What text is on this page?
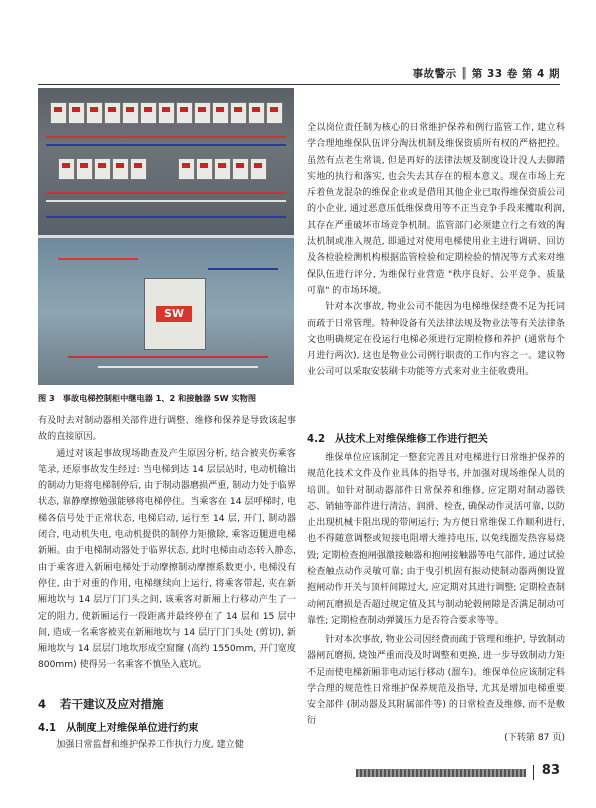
事故警示 ║ 第 33 卷 第 4 期
SW
图 3 事故电梯控制柜中继电器 1、2 和接触器 SW 实物图

有及时去对制动器相关部件进行调整、维修和保养是导致该起事故的直接原因。

通过对该起事故现场勘查及产生原因分析, 结合被夹伤乘客笔录, 还原事故发生经过: 当电梯到达 14 层层站时, 电动机输出的制动力矩将电梯制停后, 由于制动器磨损严重, 制动力处于临界状态, 靠静摩擦勉强能够将电梯停住。当乘客在 14 层呼梯时, 电梯各信号处于正常状态, 电梯启动, 运行至 14 层, 开门, 制动器闭合, 电动机失电, 电动机提供的制停力矩撤除, 乘客迈腿进电梯新厢。由于电梯制动器处于临界状态, 此时电梯由动态转入静态, 由于乘客进入新厢电梯处于动摩擦制动摩擦系数更小, 电梯没有停住, 由于对重的作用, 电梯继续向上运行, 将乘客带起, 夹在新厢地坎与 14 层厅门门头之间, 该乘客对新厢上行移动产生了一定的阻力, 使新厢运行一段距离并最终停在了 14 层和 15 层中间, 造成一名乘客被夹在新厢地坎与 14 层厅门门头处 (剪切), 新厢地坎与 14 层层门地坎形成空窟窿 (高约 1550mm, 开门宽度 800mm) 使得另一名乘客不慎坠入底坑。

4 若干建议及应对措施
4.1 从制度上对维保单位进行约束

加强日常监督和维护保养工作执行力度, 建立健

全以岗位责任制为核心的日常维护保养和例行监管工作, 建立科学合理地维保队伍评分淘汰机制及维保资质所有权的严格把控。虽然有点老生常谈, 但是再好的法律法规及制度设计没人去脚踏实地的执行和落实, 也会失去其存在的根本意义。现在市场上充斥着鱼龙混杂的维保企业或是借用其他企业已取得维保资质公司的小企业, 通过恶意压低维保费用等不正当竞争手段来攫取利润, 其存在严重破坏市场竞争机制。监管部门必须建立行之有效的淘汰机制或准入规范, 即通过对使用电梯使用业主进行调研、回访及各检验检测机构根据监管检验和定期检验的情况等方式来对维保队伍进行评分, 为维保行业营造 "秩序良好、公平竞争、质量可靠" 的市场环境。

针对本次事故, 物业公司不能因为电梯维保经费不足为托词而疏于日常管理。特种设备有关法律法规及物业法等有关法律条文也明确规定在役运行电梯必须进行定期检修和养护 (通常每个月进行两次), 这也是物业公司例行职责的工作内容之一。建议物业公司可以采取安装刷卡功能等方式来对业主征收费用。

4.2 从技术上对维保维修工作进行把关

维保单位应该制定一整套完善且对电梯进行日常维护保养的规范化技术文件及作业具体的指导书, 并加强对现场维保人员的培训。如针对制动器部件日常保养和维修, 应定期对制动器铁芯、销轴等部件进行清洁、润滑、检查, 确保动作灵活可靠, 以防止出现机械卡阻出现的带闸运行; 为方便日常维保工作顺利进行, 也不得随意调整或短接电阻增大维持电压, 以免线圈发热容易烧毁; 定期检查抱闸强激接触器和抱闸接触器等电气部件, 通过试验检查触点动作灵敏可靠; 由于曳引机固有振动使制动器两侧设置抱闸动作开关与顶杆间隙过大, 应定期对其进行调整; 定期检查制动闸瓦磨损是否超过规定值及其与制动轮毂闸隙是否满足制动可靠性; 定期检查制动弹簧压力是否符合要求等等。

针对本次事故, 物业公司因经费而疏于管理和维护, 导致制动器闸瓦磨损, 烧蚀严重而没及时调整和更换, 进一步导致制动力矩不足而使电梯新厢非电动运行移动 (溜车)。维保单位应该制定科学合理的规范性日常维护保养规范及指导, 尤其是增加电梯重要安全部件 (制动器及其附属部件等) 的日常检查及维修, 而不是敷衍

(下转第 87 页)

83
